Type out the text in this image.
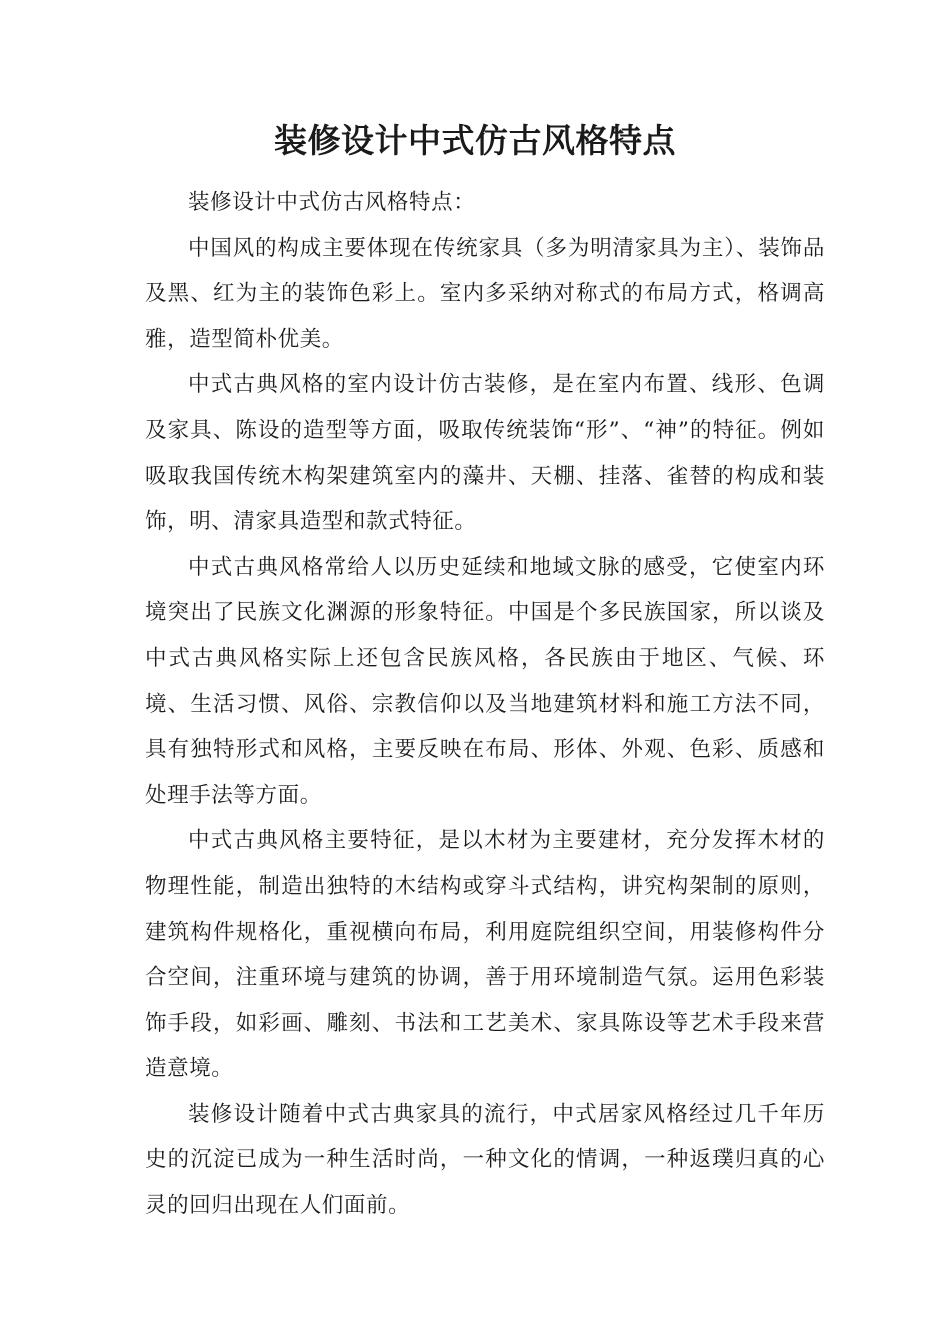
装修设计中式仿古风格特点

装修设计中式仿古风格特点：

中国风的构成主要体现在传统家具（多为明清家具为主）、装饰品及黑、红为主的装饰色彩上。室内多采纳对称式的布局方式，格调高雅，造型简朴优美。

中式古典风格的室内设计仿古装修，是在室内布置、线形、色调及家具、陈设的造型等方面，吸取传统装饰“形”、“神”的特征。例如吸取我国传统木构架建筑室内的藻井、天棚、挂落、雀替的构成和装饰，明、清家具造型和款式特征。

中式古典风格常给人以历史延续和地域文脉的感受，它使室内环境突出了民族文化渊源的形象特征。中国是个多民族国家，所以谈及中式古典风格实际上还包含民族风格，各民族由于地区、气候、环境、生活习惯、风俗、宗教信仰以及当地建筑材料和施工方法不同，具有独特形式和风格，主要反映在布局、形体、外观、色彩、质感和处理手法等方面。

中式古典风格主要特征，是以木材为主要建材，充分发挥木材的物理性能，制造出独特的木结构或穿斗式结构，讲究构架制的原则，建筑构件规格化，重视横向布局，利用庭院组织空间，用装修构件分合空间，注重环境与建筑的协调，善于用环境制造气氛。运用色彩装饰手段，如彩画、雕刻、书法和工艺美术、家具陈设等艺术手段来营造意境。

装修设计随着中式古典家具的流行，中式居家风格经过几千年历史的沉淀已成为一种生活时尚，一种文化的情调，一种返璞归真的心灵的回归出现在人们面前。
